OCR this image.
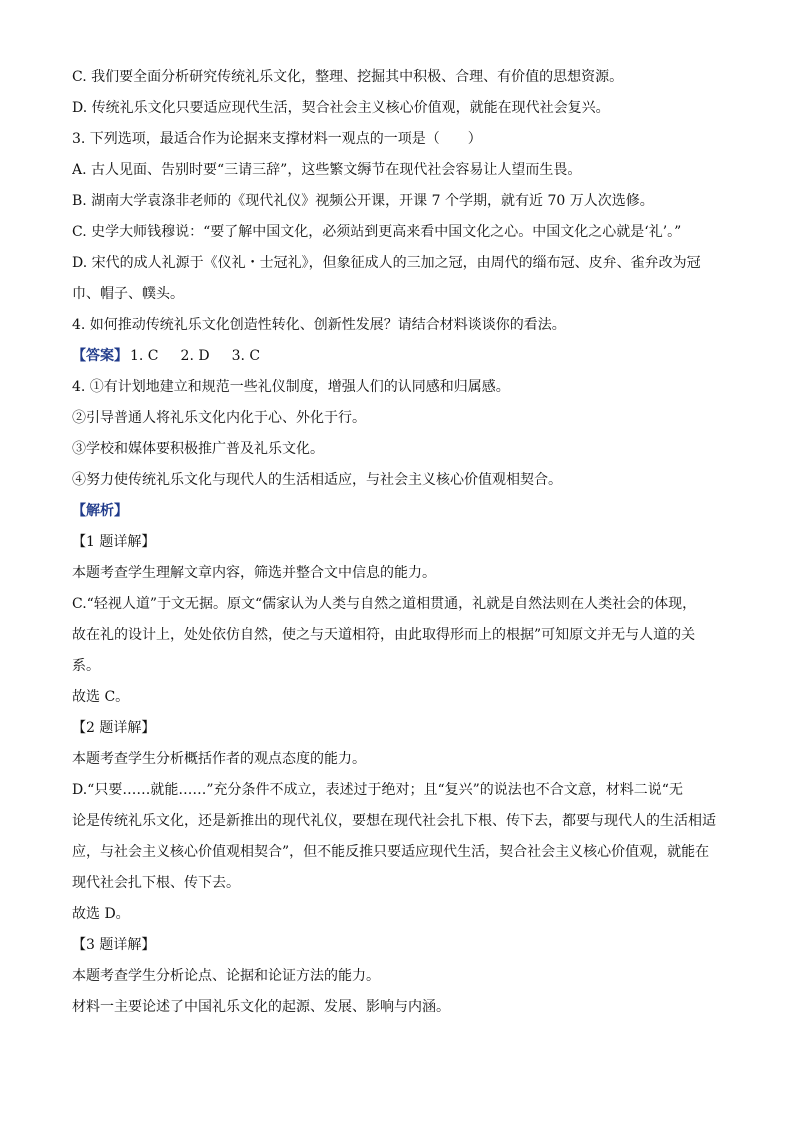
C. 我们要全面分析研究传统礼乐文化，整理、挖掘其中积极、合理、有价值的思想资源。
D. 传统礼乐文化只要适应现代生活，契合社会主义核心价值观，就能在现代社会复兴。
3. 下列选项，最适合作为论据来支撑材料一观点的一项是（　　）
A. 古人见面、告别时要“三请三辞”，这些繁文缛节在现代社会容易让人望而生畏。
B. 湖南大学袁涤非老师的《现代礼仪》视频公开课，开课 7 个学期，就有近 70 万人次选修。
C. 史学大师钱穆说：“要了解中国文化，必须站到更高来看中国文化之心。中国文化之心就是‘礼’。”
D. 宋代的成人礼源于《仪礼・士冠礼》，但象征成人的三加之冠，由周代的缁布冠、皮弁、雀弁改为冠
巾、帽子、幞头。
4. 如何推动传统礼乐文化创造性转化、创新性发展？请结合材料谈谈你的看法。
【答案】 1. C 2. D 3. C
4. ①有计划地建立和规范一些礼仪制度，增强人们的认同感和归属感。
②引导普通人将礼乐文化内化于心、外化于行。
③学校和媒体要积极推广普及礼乐文化。
④努力使传统礼乐文化与现代人的生活相适应，与社会主义核心价值观相契合。
【解析】
【1 题详解】
本题考查学生理解文章内容，筛选并整合文中信息的能力。
C.“轻视人道”于文无据。原文“儒家认为人类与自然之道相贯通，礼就是自然法则在人类社会的体现，
故在礼的设计上，处处依仿自然，使之与天道相符，由此取得形而上的根据”可知原文并无与人道的关
系。
故选 C。
【2 题详解】
本题考查学生分析概括作者的观点态度的能力。
D.“只要……就能……”充分条件不成立，表述过于绝对；且“复兴”的说法也不合文意，材料二说“无
论是传统礼乐文化，还是新推出的现代礼仪，要想在现代社会扎下根、传下去，都要与现代人的生活相适
应，与社会主义核心价值观相契合”，但不能反推只要适应现代生活，契合社会主义核心价值观，就能在
现代社会扎下根、传下去。
故选 D。
【3 题详解】
本题考查学生分析论点、论据和论证方法的能力。
材料一主要论述了中国礼乐文化的起源、发展、影响与内涵。
